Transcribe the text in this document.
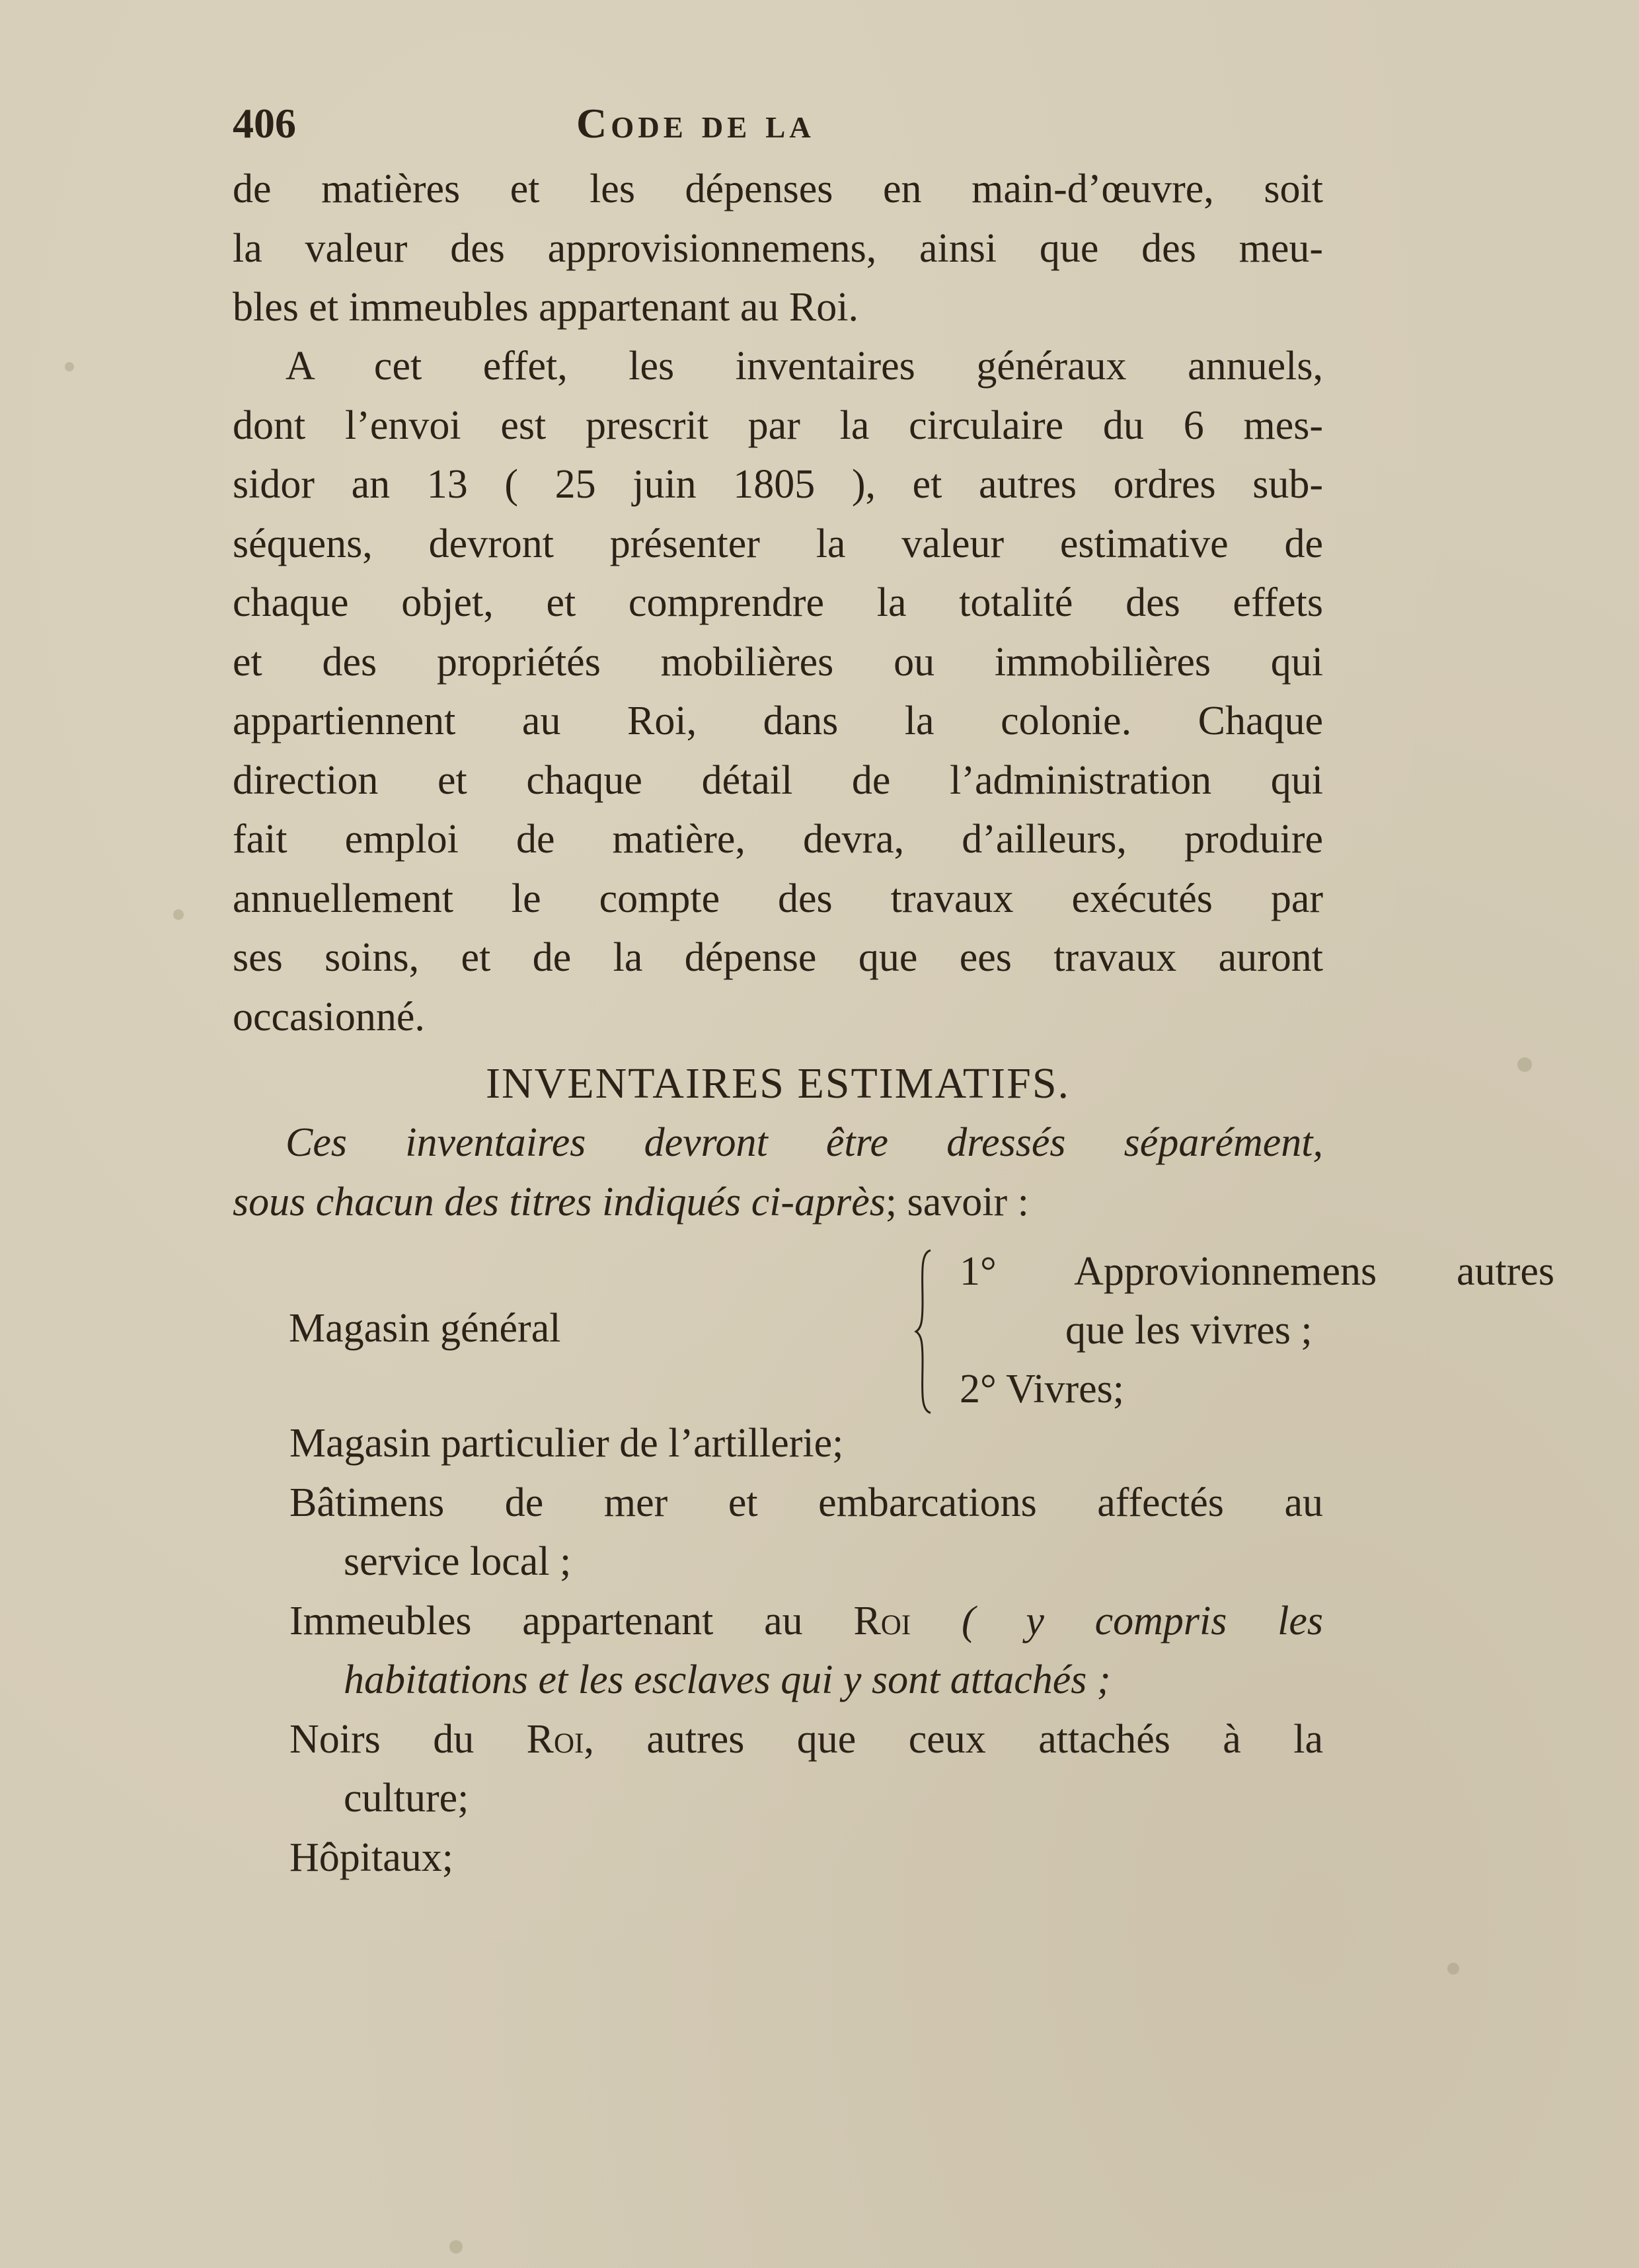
406	Code de la
de matières et les dépenses en main-d’œuvre, soit
la valeur des approvisionnemens, ainsi que des meu-
bles et immeubles appartenant au Roi.
A cet effet, les inventaires généraux annuels,
dont l’envoi est prescrit par la circulaire du 6 mes-
sidor an 13 ( 25 juin 1805 ), et autres ordres sub-
séquens, devront présenter la valeur estimative de
chaque objet, et comprendre la totalité des effets
et des propriétés mobilières ou immobilières qui
appartiennent au Roi, dans la colonie. Chaque
direction et chaque détail de l’administration qui
fait emploi de matière, devra, d’ailleurs, produire
annuellement le compte des travaux exécutés par
ses soins, et de la dépense que ees travaux auront
occasionné.
INVENTAIRES ESTIMATIFS.
Ces inventaires devront être dressés séparément,
sous chacun des titres indiqués ci-après; savoir :
Magasin général
1° Approvionnemens autres
que les vivres ;
2° Vivres;
Magasin particulier de l’artillerie;
Bâtimens de mer et embarcations affectés au
service local ;
Immeubles appartenant au Roi ( y compris les
habitations et les esclaves qui y sont attachés ;
Noirs du Roi, autres que ceux attachés à la
culture;
Hôpitaux;
